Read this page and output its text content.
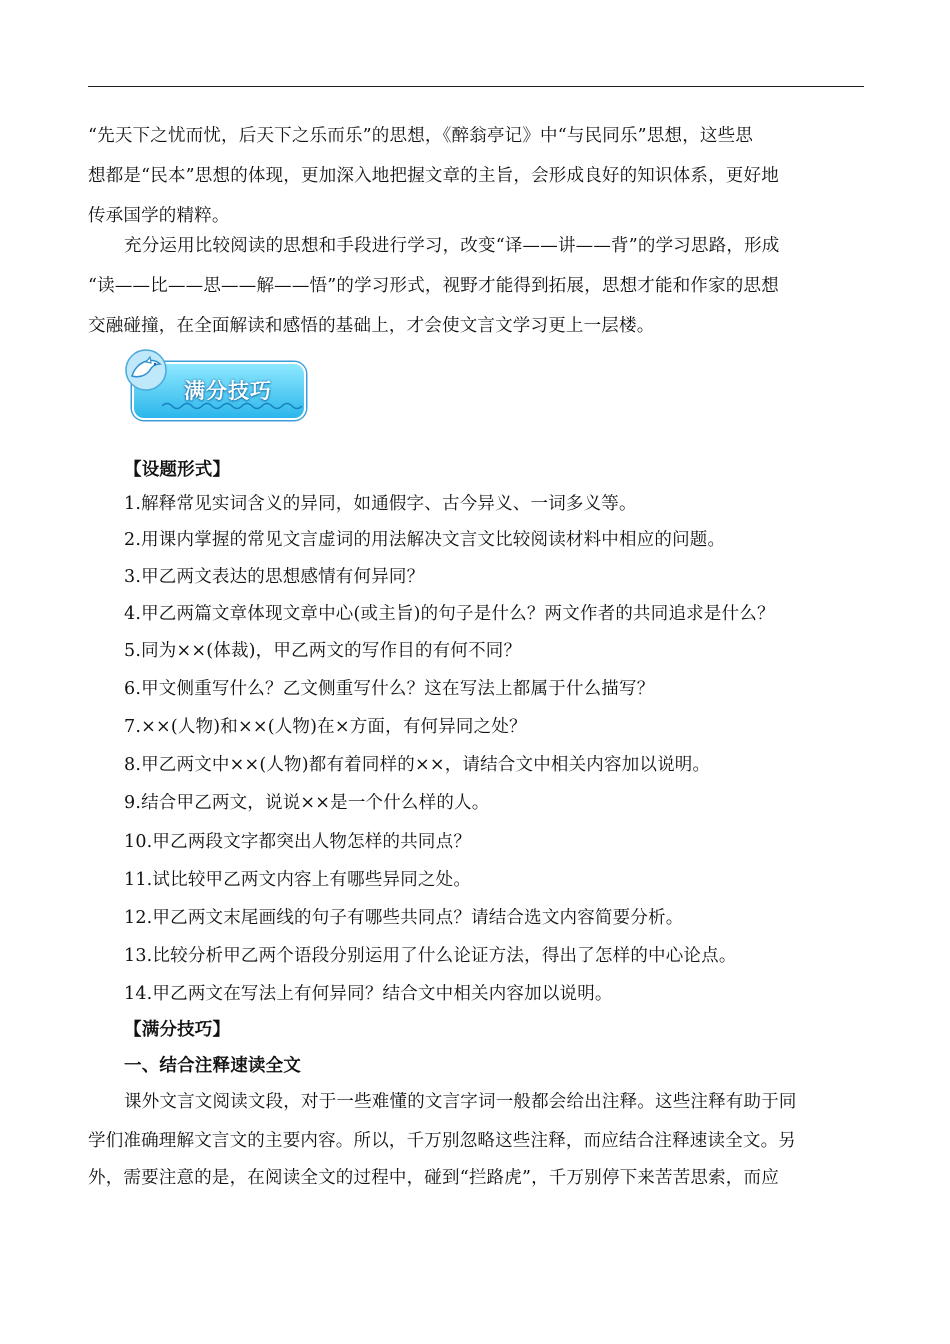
“先天下之忧而忧，后天下之乐而乐”的思想，《醉翁亭记》中“与民同乐”思想，这些思
想都是“民本”思想的体现，更加深入地把握文章的主旨，会形成良好的知识体系，更好地
传承国学的精粹。
充分运用比较阅读的思想和手段进行学习，改变“译——讲——背”的学习思路，形成
“读——比——思——解——悟”的学习形式，视野才能得到拓展，思想才能和作家的思想
交融碰撞，在全面解读和感悟的基础上，才会使文言文学习更上一层楼。
满分技巧
【设题形式】
1.解释常见实词含义的异同，如通假字、古今异义、一词多义等。
2.用课内掌握的常见文言虚词的用法解决文言文比较阅读材料中相应的问题。
3.甲乙两文表达的思想感情有何异同？
4.甲乙两篇文章体现文章中心(或主旨)的句子是什么？两文作者的共同追求是什么？
5.同为××(体裁)，甲乙两文的写作目的有何不同？
6.甲文侧重写什么？乙文侧重写什么？这在写法上都属于什么描写？
7.××(人物)和××(人物)在×方面，有何异同之处？
8.甲乙两文中××(人物)都有着同样的××，请结合文中相关内容加以说明。
9.结合甲乙两文，说说××是一个什么样的人。
10.甲乙两段文字都突出人物怎样的共同点？
11.试比较甲乙两文内容上有哪些异同之处。
12.甲乙两文末尾画线的句子有哪些共同点？请结合选文内容简要分析。
13.比较分析甲乙两个语段分别运用了什么论证方法，得出了怎样的中心论点。
14.甲乙两文在写法上有何异同？结合文中相关内容加以说明。
【满分技巧】
一、结合注释速读全文
课外文言文阅读文段，对于一些难懂的文言字词一般都会给出注释。这些注释有助于同
学们准确理解文言文的主要内容。所以，千万别忽略这些注释，而应结合注释速读全文。另
外，需要注意的是，在阅读全文的过程中，碰到“拦路虎”，千万别停下来苦苦思索，而应
